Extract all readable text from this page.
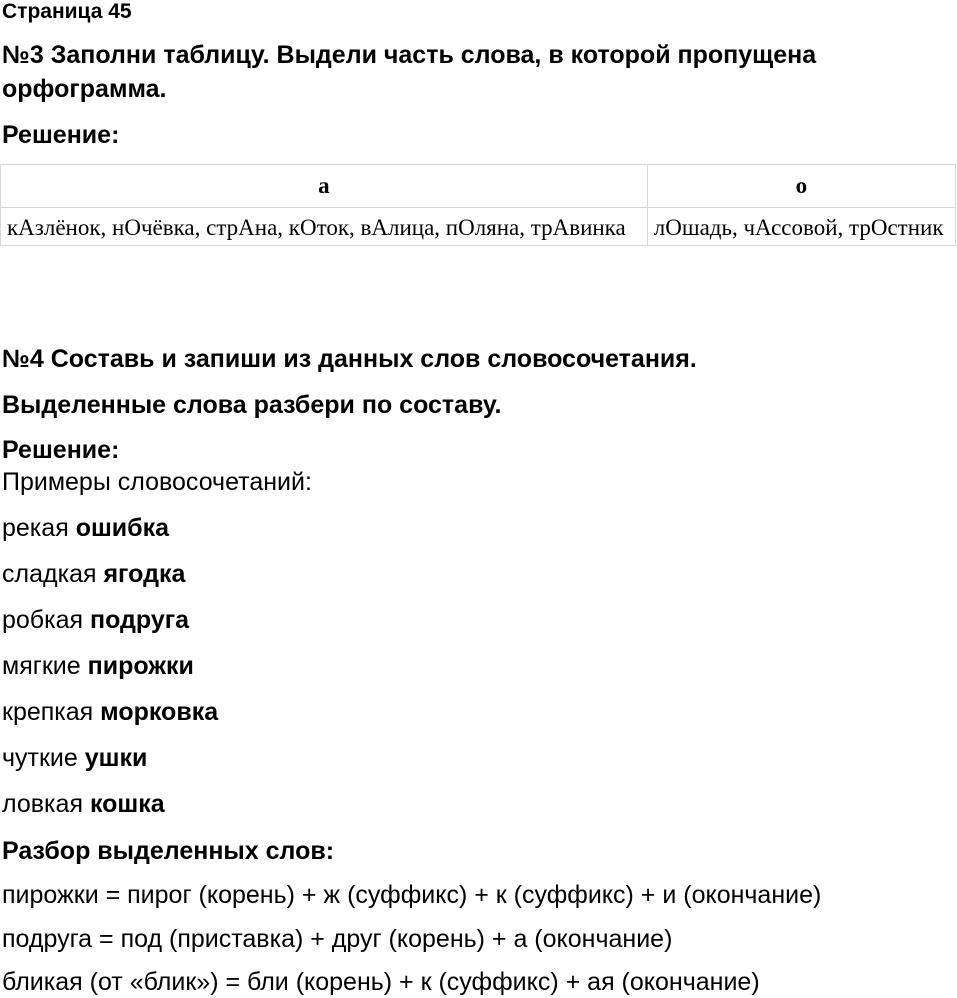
Страница 45
№3 Заполни таблицу. Выдели часть слова, в которой пропущена орфограмма.
Решение:
а	о
кАзлёнок, нОчёвка, стрАна, кОток, вАлица, пОляна, трАвинка	лОшадь, чАссовой, трОстник
№4 Составь и запиши из данных слов словосочетания.
Выделенные слова разбери по составу.
Решение:
Примеры словосочетаний:
рекая ошибка
сладкая ягодка
робкая подруга
мягкие пирожки
крепкая морковка
чуткие ушки
ловкая кошка
Разбор выделенных слов:
пирожки = пирог (корень) + ж (суффикс) + к (суффикс) + и (окончание)
подруга = под (приставка) + друг (корень) + а (окончание)
бликая (от «блик») = бли (корень) + к (суффикс) + ая (окончание)
